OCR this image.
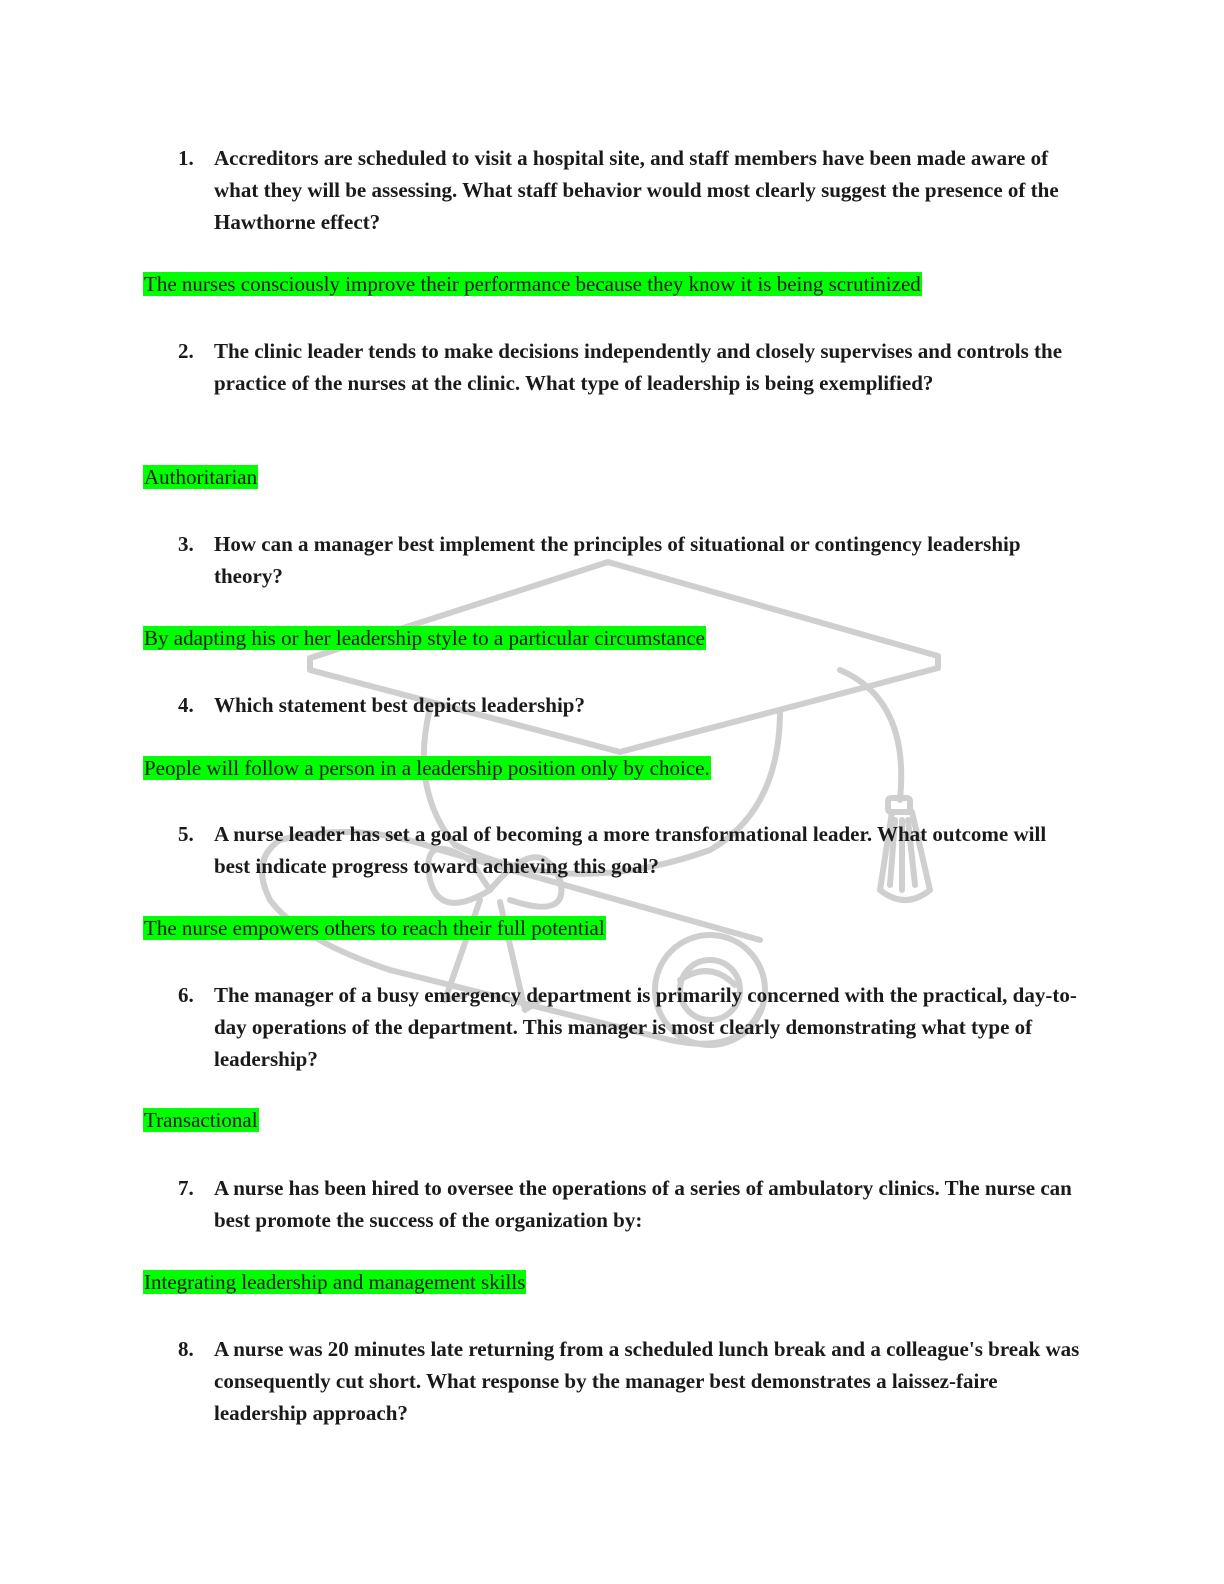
1. Accreditors are scheduled to visit a hospital site, and staff members have been made aware of what they will be assessing. What staff behavior would most clearly suggest the presence of the Hawthorne effect?
The nurses consciously improve their performance because they know it is being scrutinized
2. The clinic leader tends to make decisions independently and closely supervises and controls the practice of the nurses at the clinic. What type of leadership is being exemplified?
Authoritarian
3. How can a manager best implement the principles of situational or contingency leadership theory?
By adapting his or her leadership style to a particular circumstance
4. Which statement best depicts leadership?
People will follow a person in a leadership position only by choice.
5. A nurse leader has set a goal of becoming a more transformational leader. What outcome will best indicate progress toward achieving this goal?
The nurse empowers others to reach their full potential
6. The manager of a busy emergency department is primarily concerned with the practical, day-to-day operations of the department. This manager is most clearly demonstrating what type of leadership?
Transactional
7. A nurse has been hired to oversee the operations of a series of ambulatory clinics. The nurse can best promote the success of the organization by:
Integrating leadership and management skills
8. A nurse was 20 minutes late returning from a scheduled lunch break and a colleague's break was consequently cut short. What response by the manager best demonstrates a laissez-faire leadership approach?
